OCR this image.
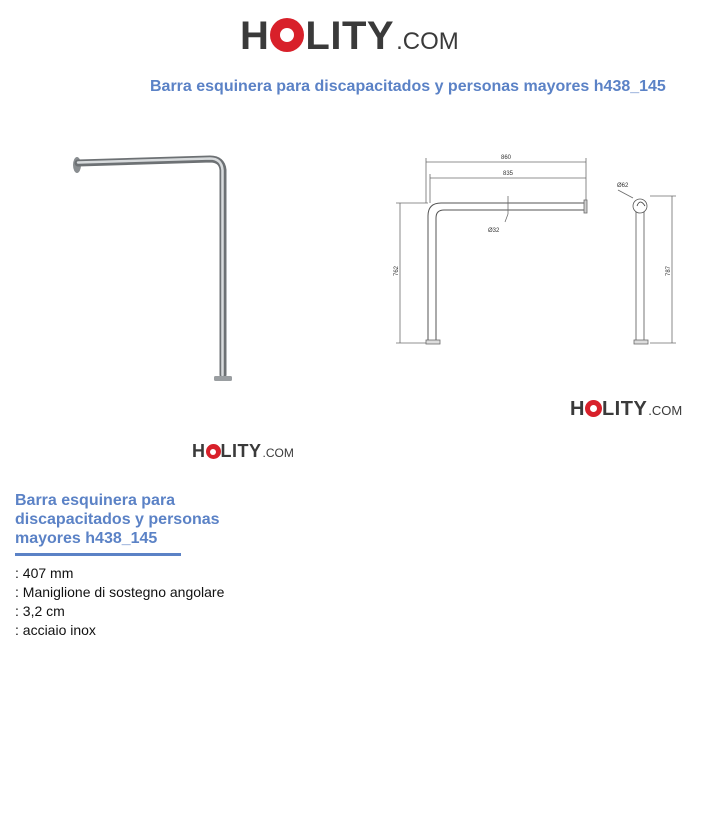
H LITY .COM
Barra esquinera para discapacitados y personas mayores h438_145
860
835
Ø32
762
Ø62
787
H LITY .COM
H LITY .COM
Barra esquinera para discapacitados y personas mayores h438_145
: 407 mm
: Maniglione di sostegno angolare
: 3,2 cm
: acciaio inox
